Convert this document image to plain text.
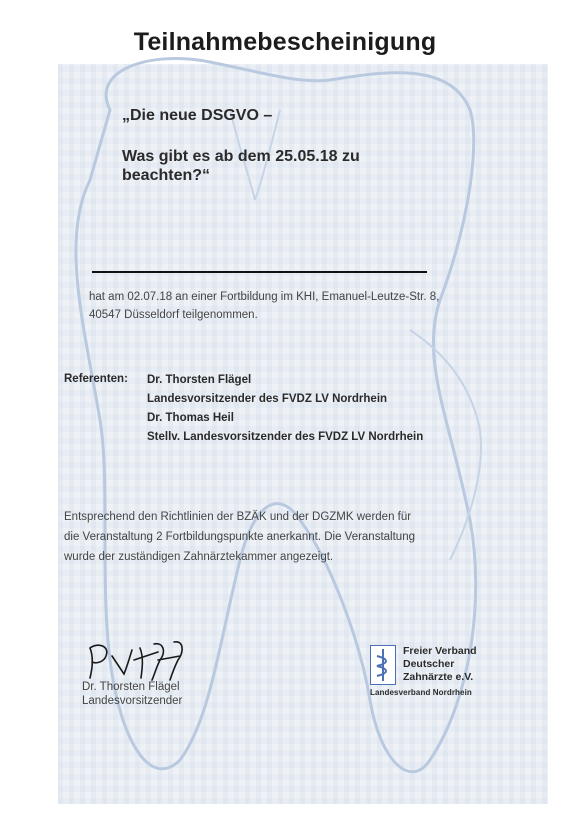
Teilnahmebescheinigung
„Die neue DSGVO –
Was gibt es ab dem 25.05.18 zu beachten?“
hat am 02.07.18 an einer Fortbildung im KHI, Emanuel-Leutze-Str. 8,
40547 Düsseldorf teilgenommen.
Referenten: Dr. Thorsten Flägel
Landesvorsitzender des FVDZ LV Nordrhein
Dr. Thomas Heil
Stellv. Landesvorsitzender des FVDZ LV Nordrhein
Entsprechend den Richtlinien der BZÄK und der DGZMK werden für
die Veranstaltung 2 Fortbildungspunkte anerkannt. Die Veranstaltung
wurde der zuständigen Zahnärztekammer angezeigt.
Dr. Thorsten Flägel
Landesvorsitzender
Freier Verband
Deutscher
Zahnärzte e.V.
Landesverband Nordrhein
